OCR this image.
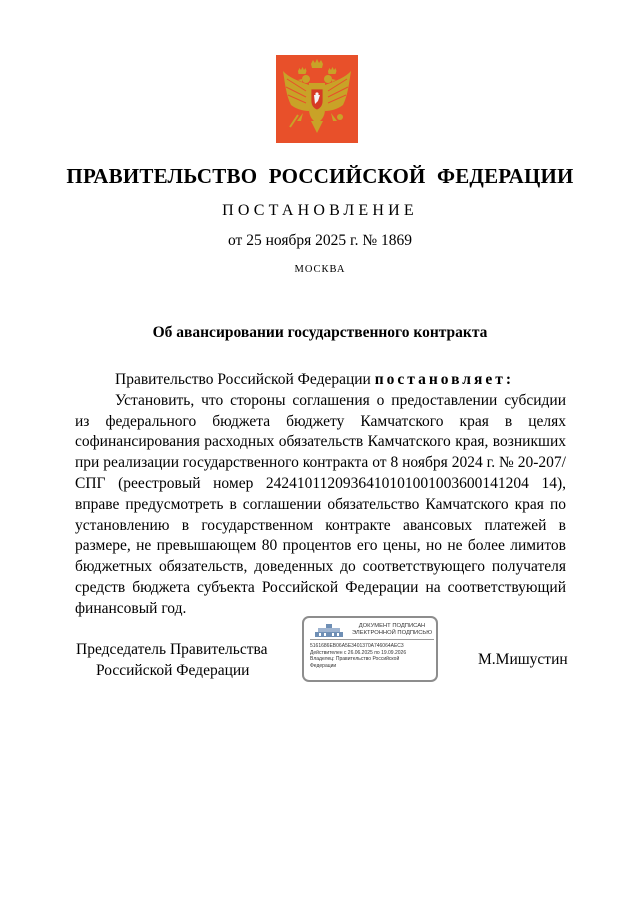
ПРАВИТЕЛЬСТВО РОССИЙСКОЙ ФЕДЕРАЦИИ
ПОСТАНОВЛЕНИЕ
от 25 ноября 2025 г. № 1869
МОСКВА
Об авансировании государственного контракта

Правительство Российской Федерации постановляет:

Установить, что стороны соглашения о предоставлении субсидии из федерального бюджета бюджету Камчатского края в целях софинансирования расходных обязательств Камчатского края, возникших при реализации государственного контракта от 8 ноября 2024 г. № 20-207/СПГ (реестровый номер 2424101120936410101001003600141204 14), вправе предусмотреть в соглашении обязательство Камчатского края по установлению в государственном контракте авансовых платежей в размере, не превышающем 80 процентов его цены, но не более лимитов бюджетных обязательств, доведенных до соответствующего получателя средств бюджета субъекта Российской Федерации на соответствующий финансовый год.

Председатель Правительства
Российской Федерации
ДОКУМЕНТ ПОДПИСАН
ЭЛЕКТРОННОЙ ПОДПИСЬЮ
5161686EB06A5E3401370A746064AEC3
Действителен с 26.06.2025 по 19.09.2026
Владелец: Правительство Российской
Федерации	М.Мишустин
